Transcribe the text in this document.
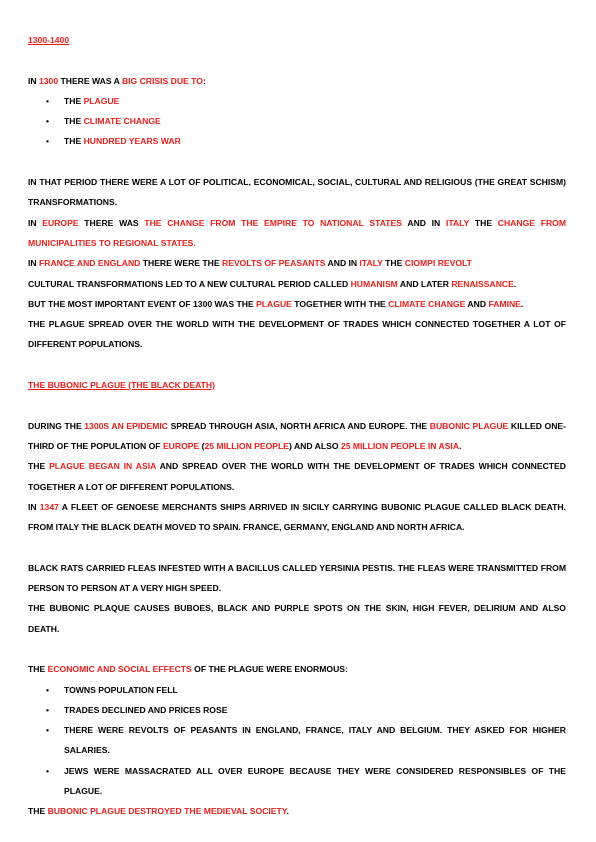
1300-1400

IN 1300 THERE WAS A BIG CRISIS DUE TO:

• THE PLAGUE
• THE CLIMATE CHANGE
• THE HUNDRED YEARS WAR

IN THAT PERIOD THERE WERE A LOT OF POLITICAL, ECONOMICAL, SOCIAL, CULTURAL AND RELIGIOUS (THE GREAT SCHISM) TRANSFORMATIONS.

IN EUROPE THERE WAS THE CHANGE FROM THE EMPIRE TO NATIONAL STATES AND IN ITALY THE CHANGE FROM MUNICIPALITIES TO REGIONAL STATES.

IN FRANCE AND ENGLAND THERE WERE THE REVOLTS OF PEASANTS AND IN ITALY THE CIOMPI REVOLT

CULTURAL TRANSFORMATIONS LED TO A NEW CULTURAL PERIOD CALLED HUMANISM AND LATER RENAISSANCE.

BUT THE MOST IMPORTANT EVENT OF 1300 WAS THE PLAGUE TOGETHER WITH THE CLIMATE CHANGE AND FAMINE.

THE PLAGUE SPREAD OVER THE WORLD WITH THE DEVELOPMENT OF TRADES WHICH CONNECTED TOGETHER A LOT OF DIFFERENT POPULATIONS.

THE BUBONIC PLAGUE (THE BLACK DEATH)

DURING THE 1300S AN EPIDEMIC SPREAD THROUGH ASIA, NORTH AFRICA AND EUROPE. THE BUBONIC PLAGUE KILLED ONE-THIRD OF THE POPULATION OF EUROPE (25 MILLION PEOPLE) AND ALSO 25 MILLION PEOPLE IN ASIA.

THE PLAGUE BEGAN IN ASIA AND SPREAD OVER THE WORLD WITH THE DEVELOPMENT OF TRADES WHICH CONNECTED TOGETHER A LOT OF DIFFERENT POPULATIONS.

IN 1347 A FLEET OF GENOESE MERCHANTS SHIPS ARRIVED IN SICILY CARRYING BUBONIC PLAGUE CALLED BLACK DEATH. FROM ITALY THE BLACK DEATH MOVED TO SPAIN. FRANCE, GERMANY, ENGLAND AND NORTH AFRICA.

BLACK RATS CARRIED FLEAS INFESTED WITH A BACILLUS CALLED YERSINIA PESTIS. THE FLEAS WERE TRANSMITTED FROM PERSON TO PERSON AT A VERY HIGH SPEED.

THE BUBONIC PLAQUE CAUSES BUBOES, BLACK AND PURPLE SPOTS ON THE SKIN, HIGH FEVER, DELIRIUM AND ALSO DEATH.

THE ECONOMIC AND SOCIAL EFFECTS OF THE PLAGUE WERE ENORMOUS:

• TOWNS POPULATION FELL
• TRADES DECLINED AND PRICES ROSE
• THERE WERE REVOLTS OF PEASANTS IN ENGLAND, FRANCE, ITALY AND BELGIUM. THEY ASKED FOR HIGHER SALARIES.
• JEWS WERE MASSACRATED ALL OVER EUROPE BECAUSE THEY WERE CONSIDERED RESPONSIBLES OF THE PLAGUE.

THE BUBONIC PLAGUE DESTROYED THE MEDIEVAL SOCIETY.
